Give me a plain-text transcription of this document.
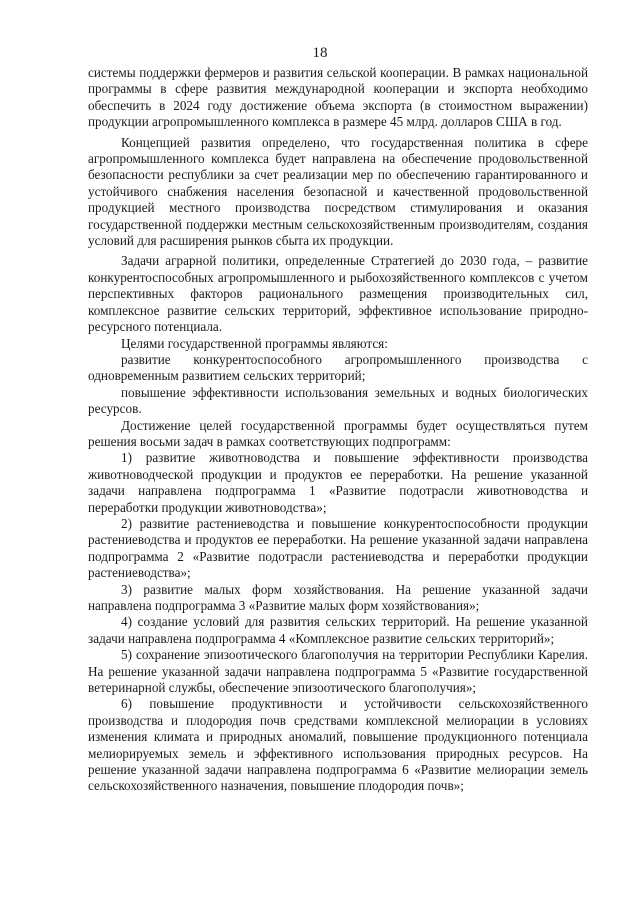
18

системы поддержки фермеров и развития сельской кооперации. В рамках национальной программы в сфере развития международной кооперации и экспорта необходимо обеспечить в 2024 году достижение объема экспорта (в стоимостном выражении) продукции агропромышленного комплекса в размере 45 млрд. долларов США в год.

Концепцией развития определено, что государственная политика в сфере агропромышленного комплекса будет направлена на обеспечение продовольственной безопасности республики за счет реализации мер по обеспечению гарантированного и устойчивого снабжения населения безопасной и качественной продовольственной продукцией местного производства посредством стимулирования и оказания государственной поддержки местным сельскохозяйственным производителям, создания условий для расширения рынков сбыта их продукции.

Задачи аграрной политики, определенные Стратегией до 2030 года, – развитие конкурентоспособных агропромышленного и рыбохозяйственного комплексов с учетом перспективных факторов рационального размещения производительных сил, комплексное развитие сельских территорий, эффективное использование природно-ресурсного потенциала.

Целями государственной программы являются:

развитие конкурентоспособного агропромышленного производства с одновременным развитием сельских территорий;

повышение эффективности использования земельных и водных биологических ресурсов.

Достижение целей государственной программы будет осуществляться путем решения восьми задач в рамках соответствующих подпрограмм:

1) развитие животноводства и повышение эффективности производства животноводческой продукции и продуктов ее переработки. На решение указанной задачи направлена подпрограмма 1 «Развитие подотрасли животноводства и переработки продукции животноводства»;

2) развитие растениеводства и повышение конкурентоспособности продукции растениеводства и продуктов ее переработки. На решение указанной задачи направлена подпрограмма 2 «Развитие подотрасли растениеводства и переработки продукции растениеводства»;

3) развитие малых форм хозяйствования. На решение указанной задачи направлена подпрограмма 3 «Развитие малых форм хозяйствования»;

4) создание условий для развития сельских территорий. На решение указанной задачи направлена подпрограмма 4 «Комплексное развитие сельских территорий»;

5) сохранение эпизоотического благополучия на территории Республики Карелия. На решение указанной задачи направлена подпрограмма 5 «Развитие государственной ветеринарной службы, обеспечение эпизоотического благополучия»;

6) повышение продуктивности и устойчивости сельскохозяйственного производства и плодородия почв средствами комплексной мелиорации в условиях изменения климата и природных аномалий, повышение продукционного потенциала мелиорируемых земель и эффективного использования природных ресурсов. На решение указанной задачи направлена подпрограмма 6 «Развитие мелиорации земель сельскохозяйственного назначения, повышение плодородия почв»;
